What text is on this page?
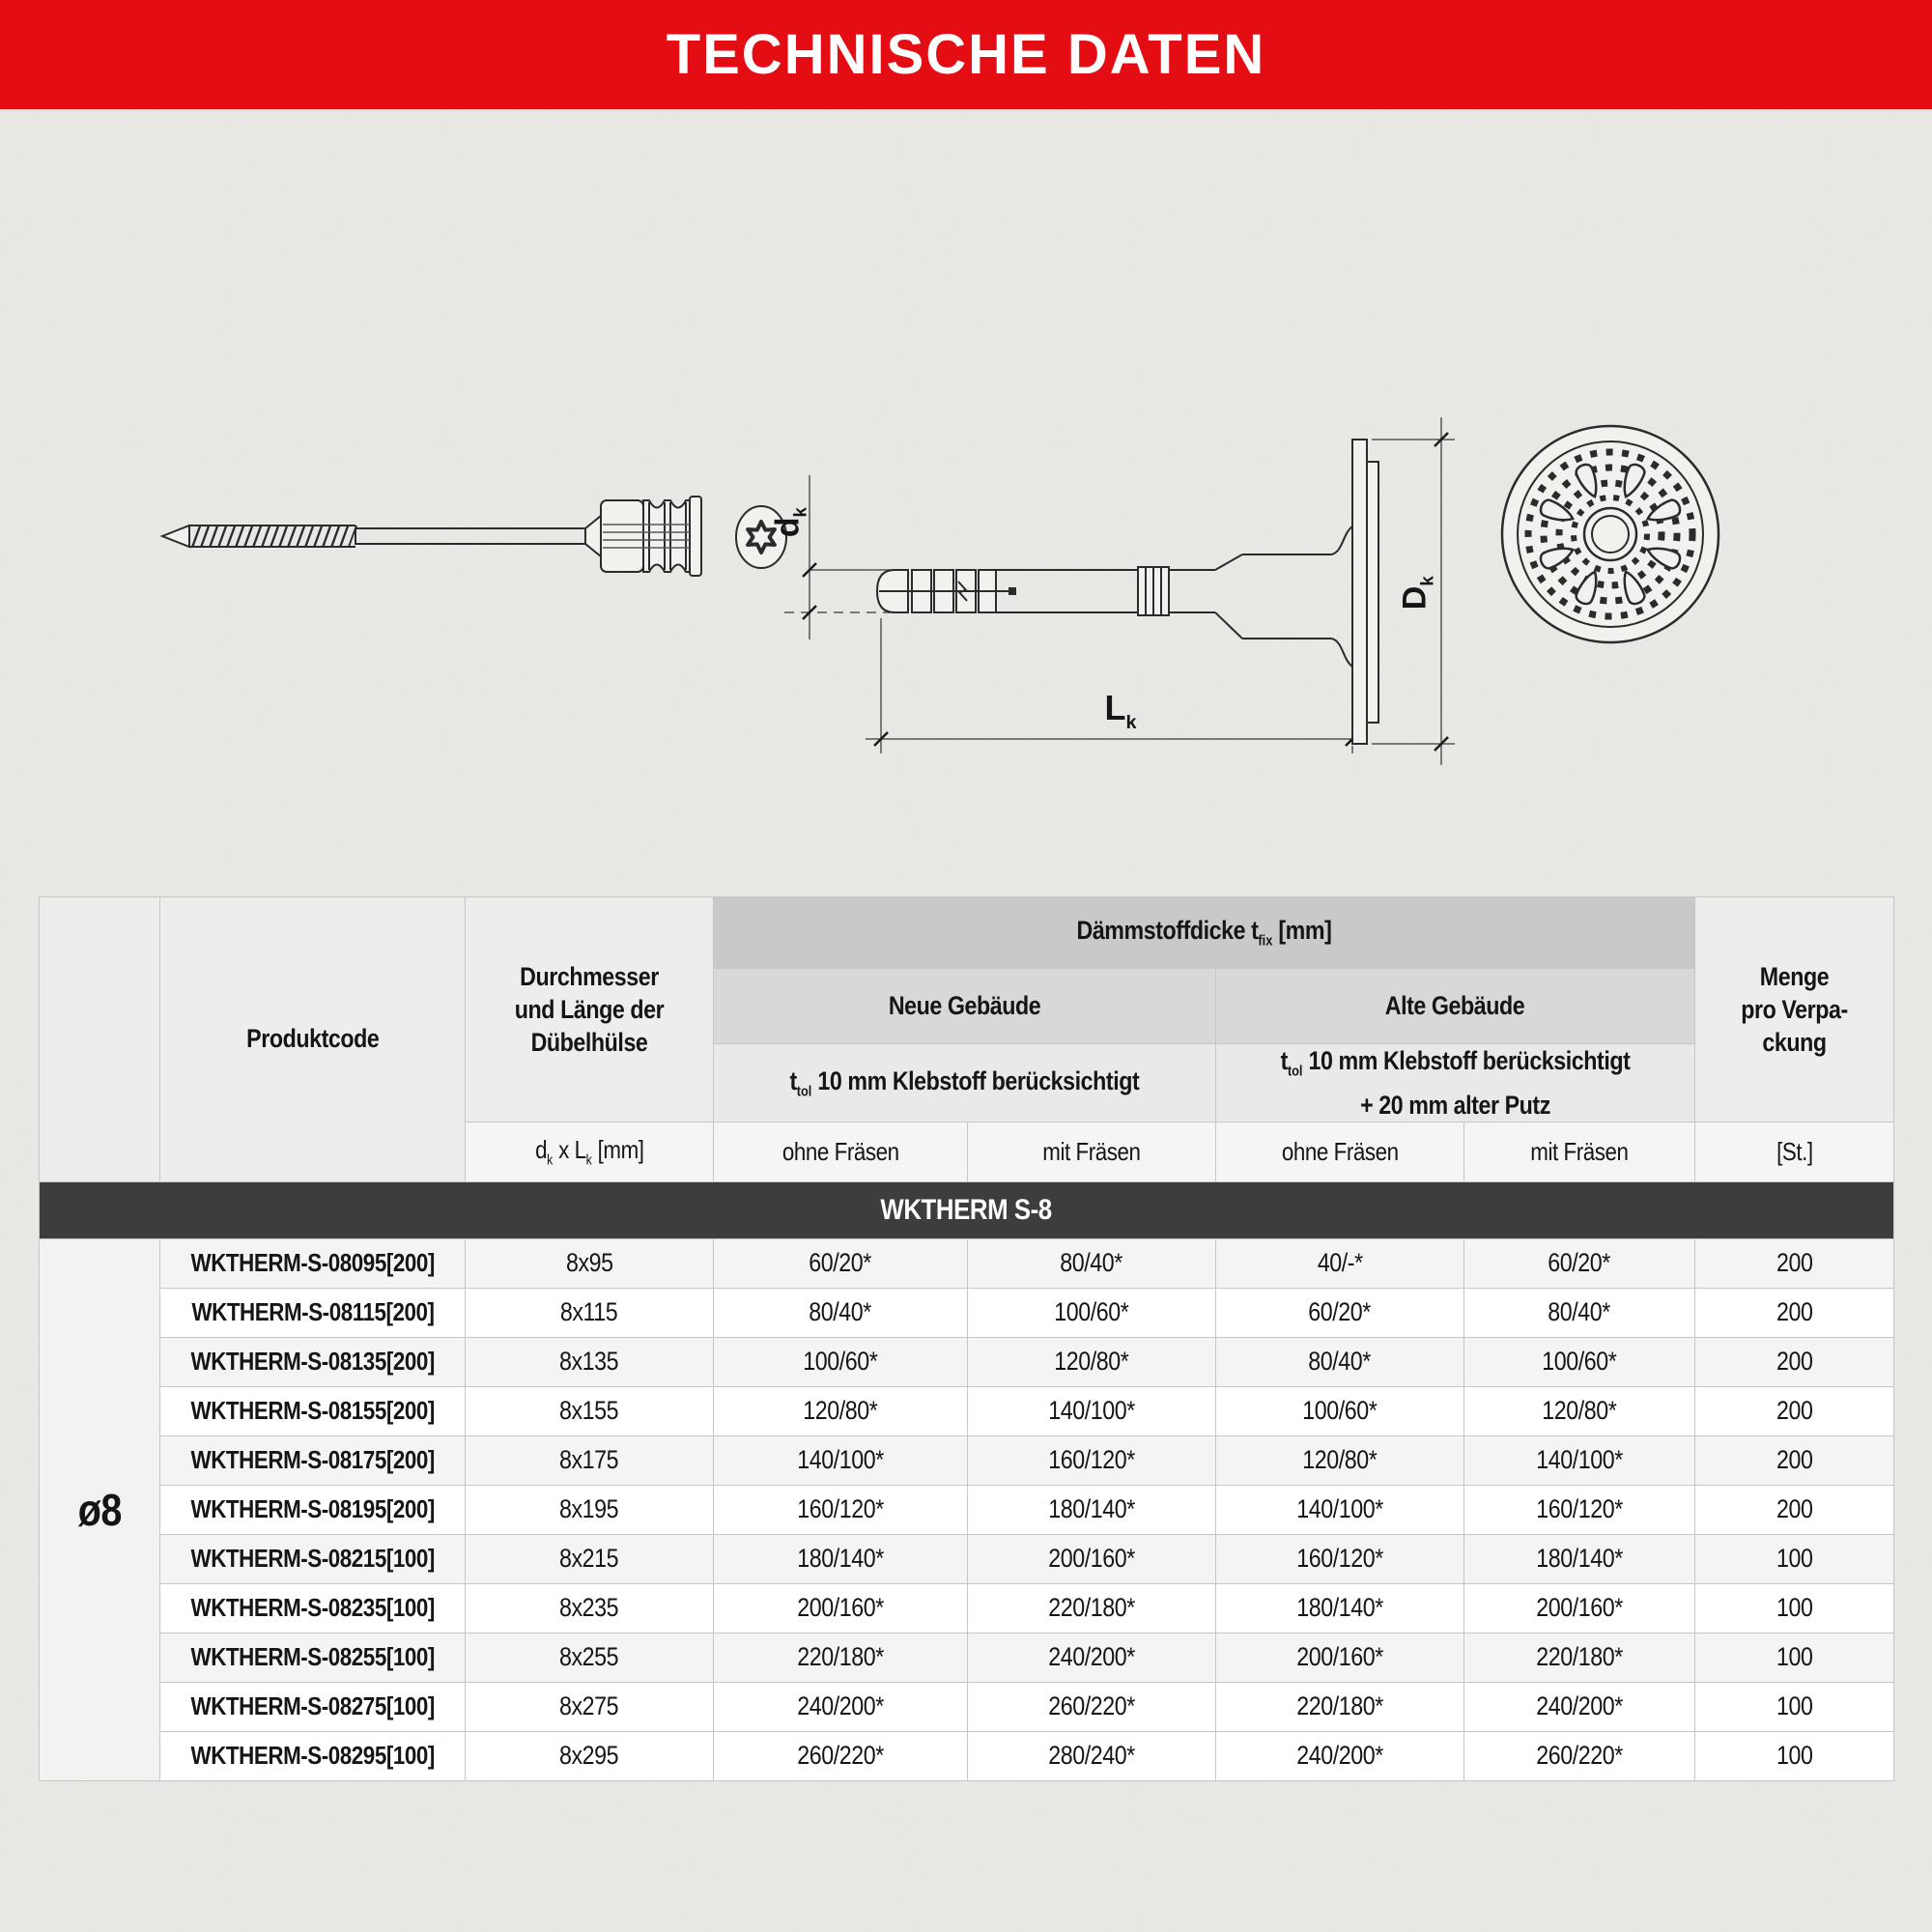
TECHNISCHE DATEN
$d_k$
$D_k$
$L_k$
	Produktcode	Durchmesser
und Länge der
Dübelhülse	Dämmstoffdicke $t_{fix}$ [mm]				Menge
pro Verpa-
ckung

			Neue Gebäude		Alte Gebäude		
			$t_{tol}$ 10 mm Klebstoff berücksichtigt		$t_{tol}$ 10 mm Klebstoff berücksichtigt
+ 20 mm alter Putz		

		$d_k$ x $L_k$ [mm]	ohne Fräsen	mit Fräsen	ohne Fräsen	mit Fräsen	[St.]
WKTHERM S-8							
ø8	WKTHERM-S-08095[200]	8x95	60/20*	80/40*	40/-*	60/20*	200
	WKTHERM-S-08115[200]	8x115	80/40*	100/60*	60/20*	80/40*	200
	WKTHERM-S-08135[200]	8x135	100/60*	120/80*	80/40*	100/60*	200
	WKTHERM-S-08155[200]	8x155	120/80*	140/100*	100/60*	120/80*	200
	WKTHERM-S-08175[200]	8x175	140/100*	160/120*	120/80*	140/100*	200
	WKTHERM-S-08195[200]	8x195	160/120*	180/140*	140/100*	160/120*	200
	WKTHERM-S-08215[100]	8x215	180/140*	200/160*	160/120*	180/140*	100
	WKTHERM-S-08235[100]	8x235	200/160*	220/180*	180/140*	200/160*	100
	WKTHERM-S-08255[100]	8x255	220/180*	240/200*	200/160*	220/180*	100
	WKTHERM-S-08275[100]	8x275	240/200*	260/220*	220/180*	240/200*	100
	WKTHERM-S-08295[100]	8x295	260/220*	280/240*	240/200*	260/220*	100
